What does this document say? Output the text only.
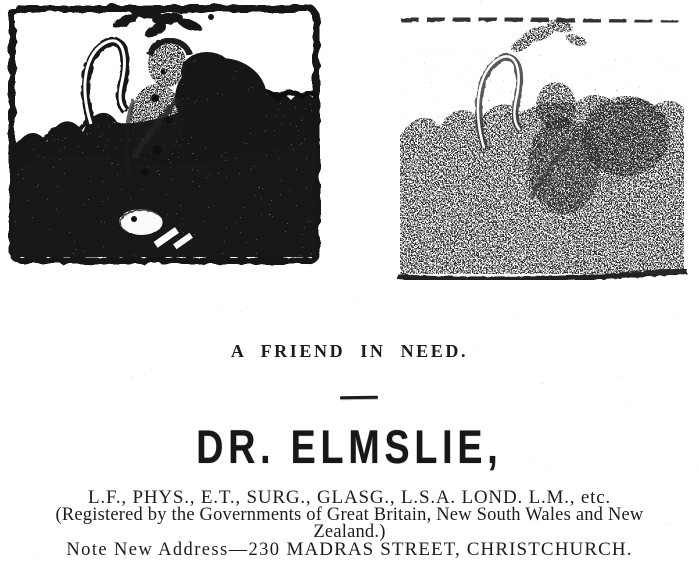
A FRIEND IN NEED.
DR. ELMSLIE,
L.F., PHYS., E.T., SURG., GLASG., L.S.A. LOND. L.M., etc.
(Registered by the Governments of Great Britain, New South Wales and New
Zealand.)
Note New Address—230 MADRAS STREET, CHRISTCHURCH.
